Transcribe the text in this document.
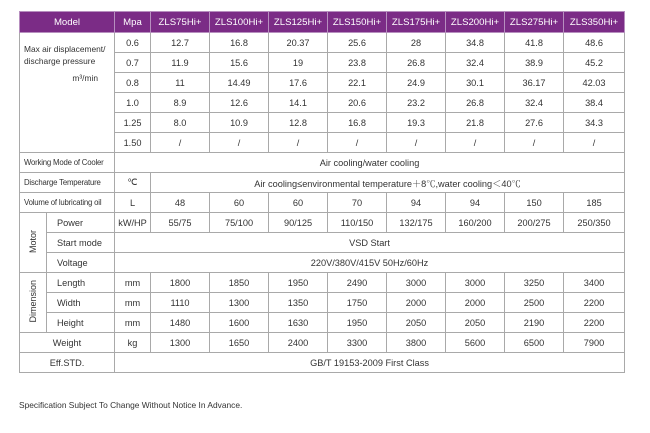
Model		Mpa	ZLS75Hi+	ZLS100Hi+	ZLS125Hi+	ZLS150Hi+	ZLS175Hi+	ZLS200Hi+	ZLS275Hi+	ZLS350Hi+

Max air displacement/
discharge pressure
m³/min		0.6	12.7	16.8	20.37	25.6	28	34.8	41.8	48.6
		0.7	11.9	15.6	19	23.8	26.8	32.4	38.9	45.2
		0.8	11	14.49	17.6	22.1	24.9	30.1	36.17	42.03
		1.0	8.9	12.6	14.1	20.6	23.2	26.8	32.4	38.4
		1.25	8.0	10.9	12.8	16.8	19.3	21.8	27.6	34.3
		1.50	/	/	/	/	/	/	/	/
Working Mode of Cooler		Air cooling/water cooling								
Discharge Temperature		℃	Air cooling≤environmental temperature＋8℃,water cooling＜40℃							
Volume of lubricating oil		L	48	60	60	70	94	94	150	185
Motor	Power	kW/HP	55/75	75/100	90/125	110/150	132/175	160/200	200/275	250/350
	Start mode	VSD Start								
	Voltage	220V/380V/415V 50Hz/60Hz								
Dimension	Length	mm	1800	1850	1950	2490	3000	3000	3250	3400
	Width	mm	1110	1300	1350	1750	2000	2000	2500	2200
	Height	mm	1480	1600	1630	1950	2050	2050	2190	2200
Weight		kg	1300	1650	2400	3300	3800	5600	6500	7900
Eff.STD.		GB/T 19153-2009 First Class								
Specification Subject To Change Without Notice In Advance.
